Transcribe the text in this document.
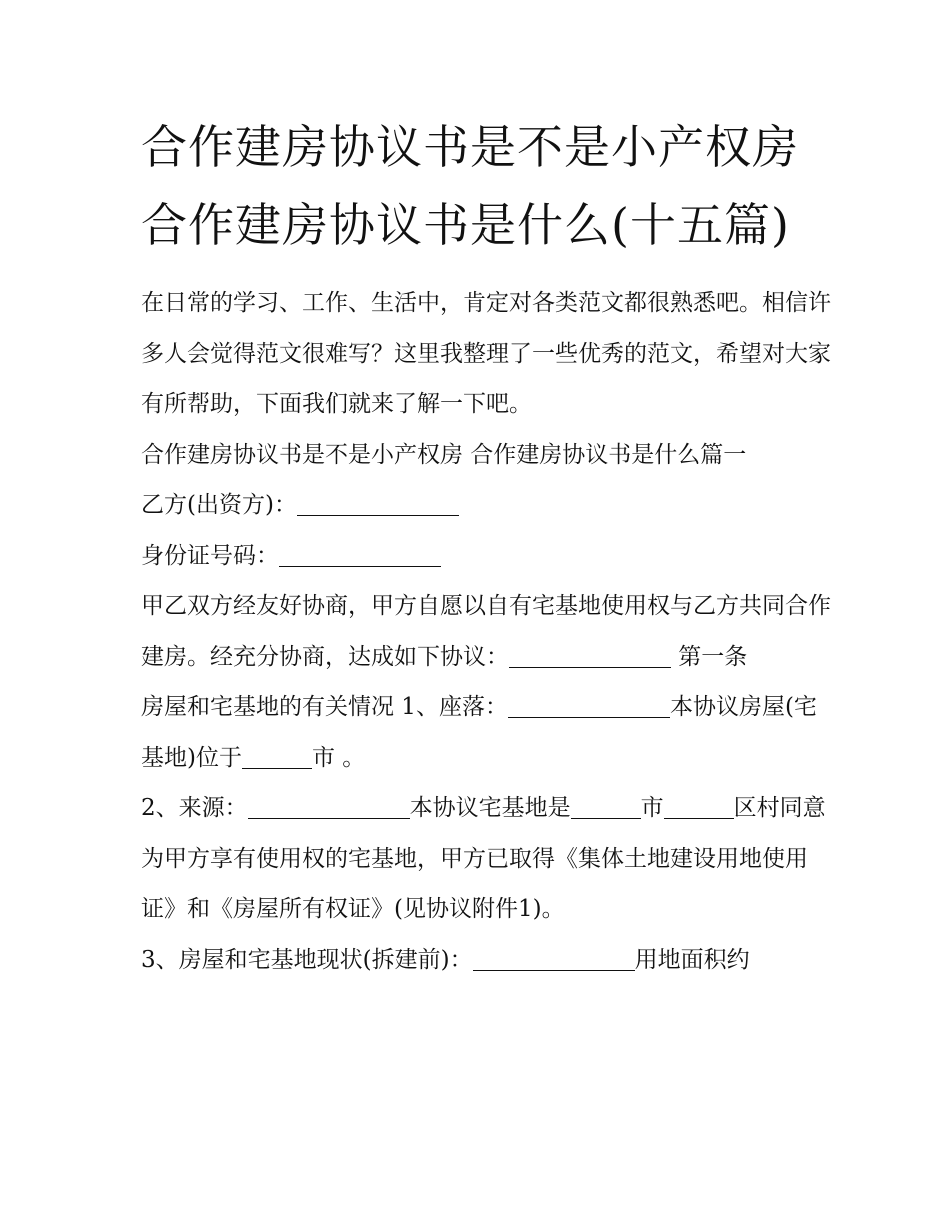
合作建房协议书是不是小产权房 合作建房协议书是什么(十五篇)

在日常的学习、工作、生活中，肯定对各类范文都很熟悉吧。相信许多人会觉得范文很难写？这里我整理了一些优秀的范文，希望对大家有所帮助，下面我们就来了解一下吧。

合作建房协议书是不是小产权房 合作建房协议书是什么篇一

乙方(出资方)：

身份证号码：

甲乙双方经友好协商，甲方自愿以自有宅基地使用权与乙方共同合作建房。经充分协商，达成如下协议：	第一条

房屋和宅基地的有关情况 1、座落：	本协议房屋(宅基地)位于	市 。

2、来源：	本协议宅基地是	市	区村同意为甲方享有使用权的宅基地，甲方已取得《集体土地建设用地使用证》和《房屋所有权证》(见协议附件1)。

3、房屋和宅基地现状(拆建前)：	用地面积约
